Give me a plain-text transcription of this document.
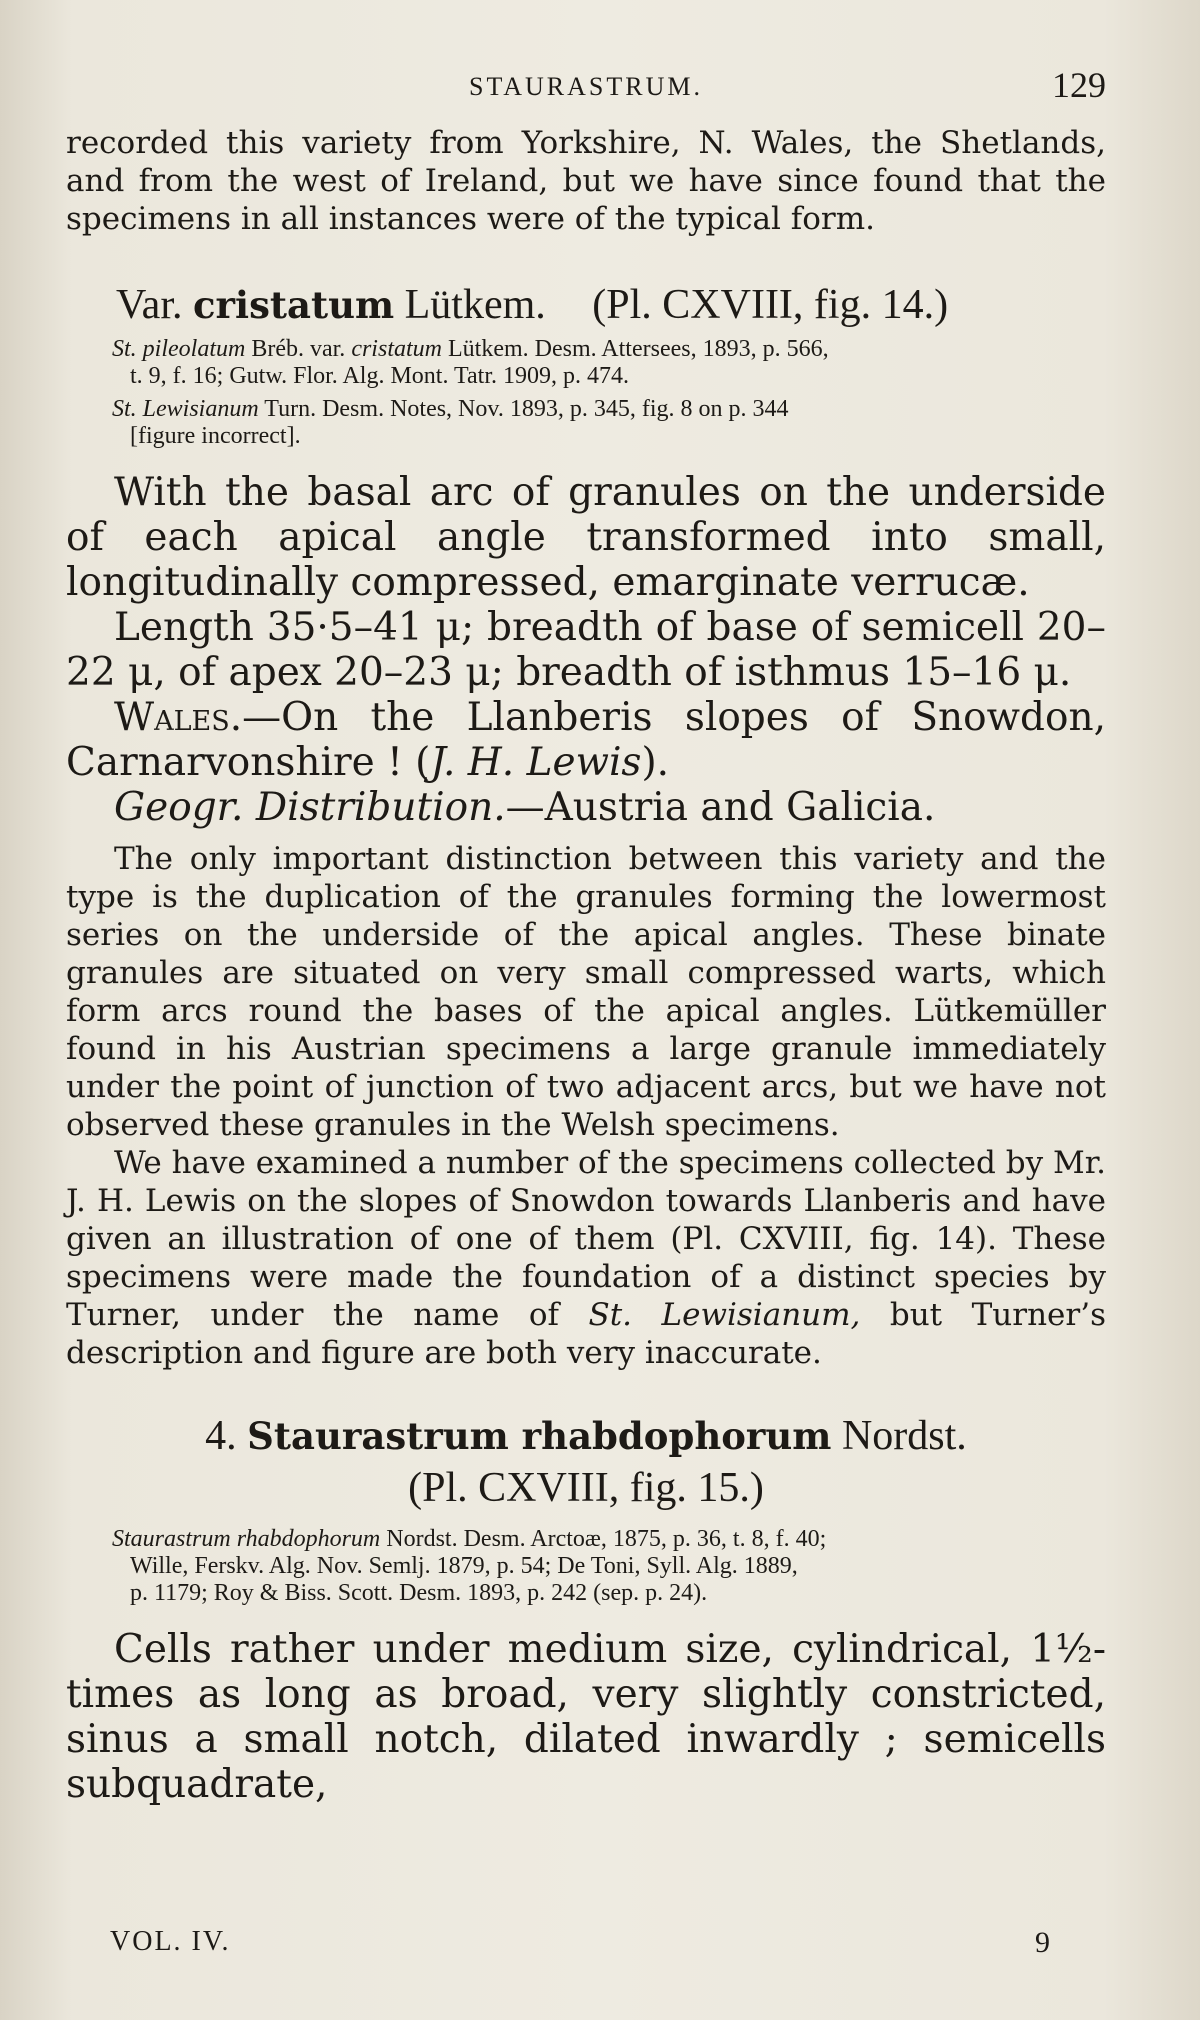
STAURASTRUM.	129

recorded this variety from Yorkshire, N. Wales, the Shetlands, and from the west of Ireland, but we have since found that the specimens in all instances were of the typical form.

Var. cristatum Lütkem. (Pl. CXVIII, fig. 14.)
St. pileolatum Bréb. var. cristatum Lütkem. Desm. Attersees, 1893, p. 566,
t. 9, f. 16; Gutw. Flor. Alg. Mont. Tatr. 1909, p. 474.
St. Lewisianum Turn. Desm. Notes, Nov. 1893, p. 345, fig. 8 on p. 344
[figure incorrect].

With the basal arc of granules on the underside of each apical angle transformed into small, longitudinally compressed, emarginate verrucæ.

Length 35·5–41 μ; breadth of base of semicell 20–22 μ, of apex 20–23 μ; breadth of isthmus 15–16 μ.

Wales.—On the Llanberis slopes of Snowdon, Carnarvonshire ! (J. H. Lewis).

Geogr. Distribution.—Austria and Galicia.

The only important distinction between this variety and the type is the duplication of the granules forming the lowermost series on the underside of the apical angles. These binate granules are situated on very small compressed warts, which form arcs round the bases of the apical angles. Lütkemüller found in his Austrian specimens a large granule immediately under the point of junction of two adjacent arcs, but we have not observed these granules in the Welsh specimens.

We have examined a number of the specimens collected by Mr. J. H. Lewis on the slopes of Snowdon towards Llanberis and have given an illustration of one of them (Pl. CXVIII, fig. 14). These specimens were made the foundation of a distinct species by Turner, under the name of St. Lewisianum, but Turner’s description and figure are both very inaccurate.

4. Staurastrum rhabdophorum Nordst.
(Pl. CXVIII, fig. 15.)
Staurastrum rhabdophorum Nordst. Desm. Arctoæ, 1875, p. 36, t. 8, f. 40;
Wille, Ferskv. Alg. Nov. Semlj. 1879, p. 54; De Toni, Syll. Alg. 1889,
p. 1179; Roy & Biss. Scott. Desm. 1893, p. 242 (sep. p. 24).

Cells rather under medium size, cylindrical, 1½-times as long as broad, very slightly constricted, sinus a small notch, dilated inwardly ; semicells subquadrate,

VOL. IV.	9
